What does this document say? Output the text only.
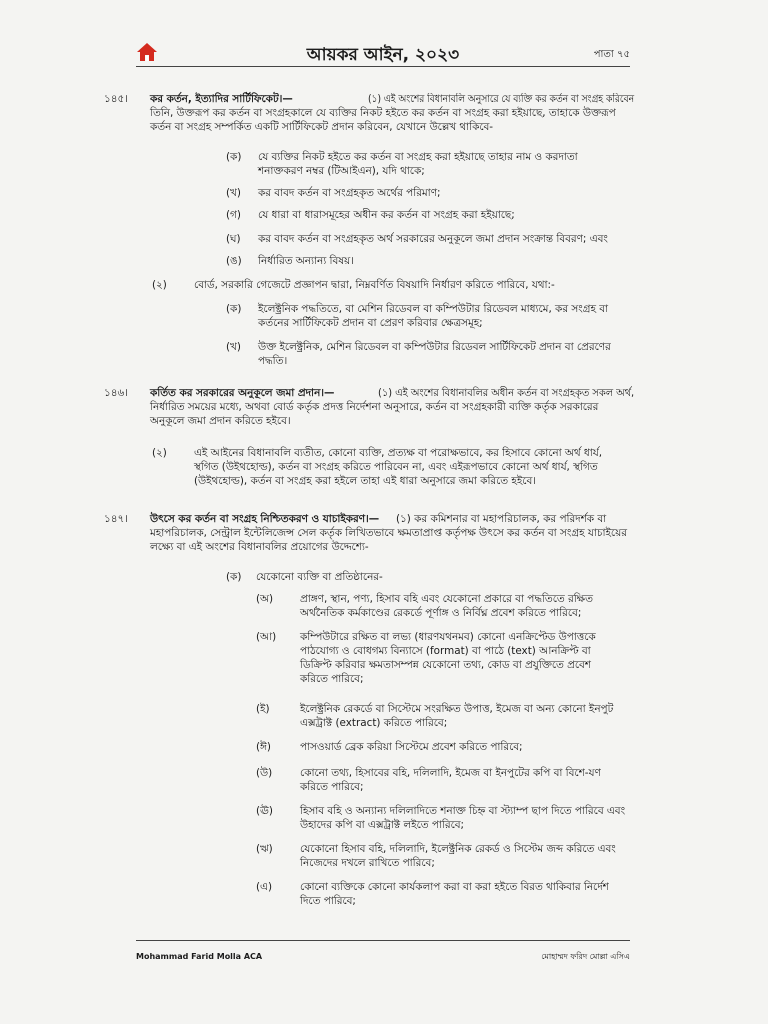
আয়কর আইন, ২০২৩	পাতা ৭৫
১৪৫। কর কর্তন, ইত্যাদির সার্টিফিকেট।—	(১) এই অংশের বিধানাবলি অনুসারে যে ব্যক্তি কর কর্তন বা সংগ্রহ করিবেন
তিনি, উক্তরূপ কর কর্তন বা সংগ্রহকালে যে ব্যক্তির নিকট হইতে কর কর্তন বা সংগ্রহ করা হইয়াছে, তাহাকে উক্তরূপ
কর্তন বা সংগ্রহ সম্পর্কিত একটি সার্টিফিকেট প্রদান করিবেন, যেখানে উল্লেখ থাকিবে-
(ক) যে ব্যক্তির নিকট হইতে কর কর্তন বা সংগ্রহ করা হইয়াছে তাহার নাম ও করদাতা
শনাক্তকরণ নম্বর (টিআইএন), যদি থাকে;
(খ) কর বাবদ কর্তন বা সংগ্রহকৃত অর্থের পরিমাণ;
(গ) যে ধারা বা ধারাসমূহের অধীন কর কর্তন বা সংগ্রহ করা হইয়াছে;
(ঘ) কর বাবদ কর্তন বা সংগ্রহকৃত অর্থ সরকারের অনুকূলে জমা প্রদান সংক্রান্ত বিবরণ; এবং
(ঙ) নির্ধারিত অন্যান্য বিষয়।
(২)	বোর্ড, সরকারি গেজেটে প্রজ্ঞাপন দ্বারা, নিম্নবর্ণিত বিষয়াদি নির্ধারণ করিতে পারিবে, যথা:-
(ক) ইলেক্ট্রনিক পদ্ধতিতে, বা মেশিন রিডেবল বা কম্পিউটার রিডেবল মাধ্যমে, কর সংগ্রহ বা
কর্তনের সার্টিফিকেট প্রদান বা প্রেরণ করিবার ক্ষেত্রসমূহ;
(খ) উক্ত ইলেক্ট্রনিক, মেশিন রিডেবল বা কম্পিউটার রিডেবল সার্টিফিকেট প্রদান বা প্রেরণের
পদ্ধতি।
১৪৬। কর্তিত কর সরকারের অনুকূলে জমা প্রদান।—	(১) এই অংশের বিধানাবলির অধীন কর্তন বা সংগ্রহকৃত সকল অর্থ,
নির্ধারিত সময়ের মধ্যে, অথবা বোর্ড কর্তৃক প্রদত্ত নির্দেশনা অনুসারে, কর্তন বা সংগ্রহকারী ব্যক্তি কর্তৃক সরকারের
অনুকূলে জমা প্রদান করিতে হইবে।
(২)	এই আইনের বিধানাবলি ব্যতীত, কোনো ব্যক্তি, প্রত্যক্ষ বা পরোক্ষভাবে, কর হিসাবে কোনো অর্থ ধার্য,
স্থগিত (উইথহোল্ড), কর্তন বা সংগ্রহ করিতে পারিবেন না, এবং এইরূপভাবে কোনো অর্থ ধার্য, স্থগিত
(উইথহোল্ড), কর্তন বা সংগ্রহ করা হইলে তাহা এই ধারা অনুসারে জমা করিতে হইবে।
১৪৭। উৎসে কর কর্তন বা সংগ্রহ নিশ্চিতকরণ ও যাচাইকরণ।— (১) কর কমিশনার বা মহাপরিচালক, কর পরিদর্শক বা
মহাপরিচালক, সেন্ট্রাল ইন্টেলিজেন্স সেল কর্তৃক লিখিতভাবে ক্ষমতাপ্রাপ্ত কর্তৃপক্ষ উৎসে কর কর্তন বা সংগ্রহ যাচাইয়ের
লক্ষ্যে বা এই অংশের বিধানাবলির প্রয়োগের উদ্দেশ্যে-
(ক) যেকোনো ব্যক্তি বা প্রতিষ্ঠানের-
(অ)	প্রাঙ্গণ, স্থান, পণ্য, হিসাব বহি এবং যেকোনো প্রকারে বা পদ্ধতিতে রক্ষিত
অর্থনৈতিক কর্মকাণ্ডের রেকর্ডে পূর্ণাঙ্গ ও নির্বিঘ্ন প্রবেশ করিতে পারিবে;
(আ) কম্পিউটারে রক্ষিত বা লভ্য (ধারণযথনমব) কোনো এনক্রিপ্টেড উপাত্তকে
পাঠযোগ্য ও বোধগম্য বিন্যাসে (format) বা পাঠে (text) আনক্রিপ্ট বা
ডিক্রিপ্ট করিবার ক্ষমতাসম্পন্ন যেকোনো তথ্য, কোড বা প্রযুক্তিতে প্রবেশ
করিতে পারিবে;
(ই)	ইলেক্ট্রনিক রেকর্ডে বা সিস্টেমে সংরক্ষিত উপাত্ত, ইমেজ বা অন্য কোনো ইনপুট
এক্সট্রাক্ট (extract) করিতে পারিবে;
(ঈ)	পাসওয়ার্ড ব্রেক করিয়া সিস্টেমে প্রবেশ করিতে পারিবে;
(উ)	কোনো তথ্য, হিসাবের বহি, দলিলাদি, ইমেজ বা ইনপুটের কপি বা বিশে-যণ
করিতে পারিবে;
(ঊ)	হিসাব বহি ও অন্যান্য দলিলাদিতে শনাক্ত চিহ্ন বা স্ট্যাম্প ছাপ দিতে পারিবে এবং
উহাদের কপি বা এক্সট্রাক্ট লইতে পারিবে;
(ঋ)	যেকোনো হিসাব বহি, দলিলাদি, ইলেক্ট্রনিক রেকর্ড ও সিস্টেম জব্দ করিতে এবং
নিজেদের দখলে রাখিতে পারিবে;
(এ)	কোনো ব্যক্তিকে কোনো কার্যকলাপ করা বা করা হইতে বিরত থাকিবার নির্দেশ
দিতে পারিবে;
Mohammad Farid Molla ACA	মোহাম্মদ ফরিদ মোল্লা এসিএ
